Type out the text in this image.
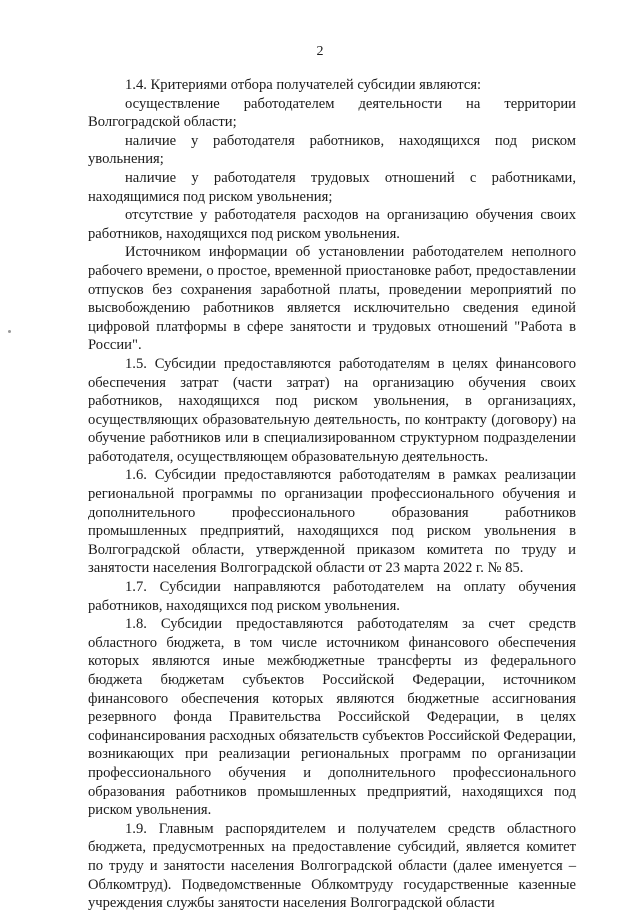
2

1.4. Критериями отбора получателей субсидии являются:

осуществление работодателем деятельности на территории Волгоградской области;

наличие у работодателя работников, находящихся под риском увольнения;

наличие у работодателя трудовых отношений с работниками, находящимися под риском увольнения;

отсутствие у работодателя расходов на организацию обучения своих работников, находящихся под риском увольнения.

Источником информации об установлении работодателем неполного рабочего времени, о простое, временной приостановке работ, предоставлении отпусков без сохранения заработной платы, проведении мероприятий по высвобождению работников является исключительно сведения единой цифровой платформы в сфере занятости и трудовых отношений "Работа в России".

1.5. Субсидии предоставляются работодателям в целях финансового обеспечения затрат (части затрат) на организацию обучения своих работников, находящихся под риском увольнения, в организациях, осуществляющих образовательную деятельность, по контракту (договору) на обучение работников или в специализированном структурном подразделении работодателя, осуществляющем образовательную деятельность.

1.6. Субсидии предоставляются работодателям в рамках реализации региональной программы по организации профессионального обучения и дополнительного профессионального образования работников промышленных предприятий, находящихся под риском увольнения в Волгоградской области, утвержденной приказом комитета по труду и занятости населения Волгоградской области от 23 марта 2022 г. № 85.

1.7. Субсидии направляются работодателем на оплату обучения работников, находящихся под риском увольнения.

1.8. Субсидии предоставляются работодателям за счет средств областного бюджета, в том числе источником финансового обеспечения которых являются иные межбюджетные трансферты из федерального бюджета бюджетам субъектов Российской Федерации, источником финансового обеспечения которых являются бюджетные ассигнования резервного фонда Правительства Российской Федерации, в целях софинансирования расходных обязательств субъектов Российской Федерации, возникающих при реализации региональных программ по организации профессионального обучения и дополнительного профессионального образования работников промышленных предприятий, находящихся под риском увольнения.

1.9. Главным распорядителем и получателем средств областного бюджета, предусмотренных на предоставление субсидий, является комитет по труду и занятости населения Волгоградской области (далее именуется – Облкомтруд). Подведомственные Облкомтруду государственные казенные учреждения службы занятости населения Волгоградской области
